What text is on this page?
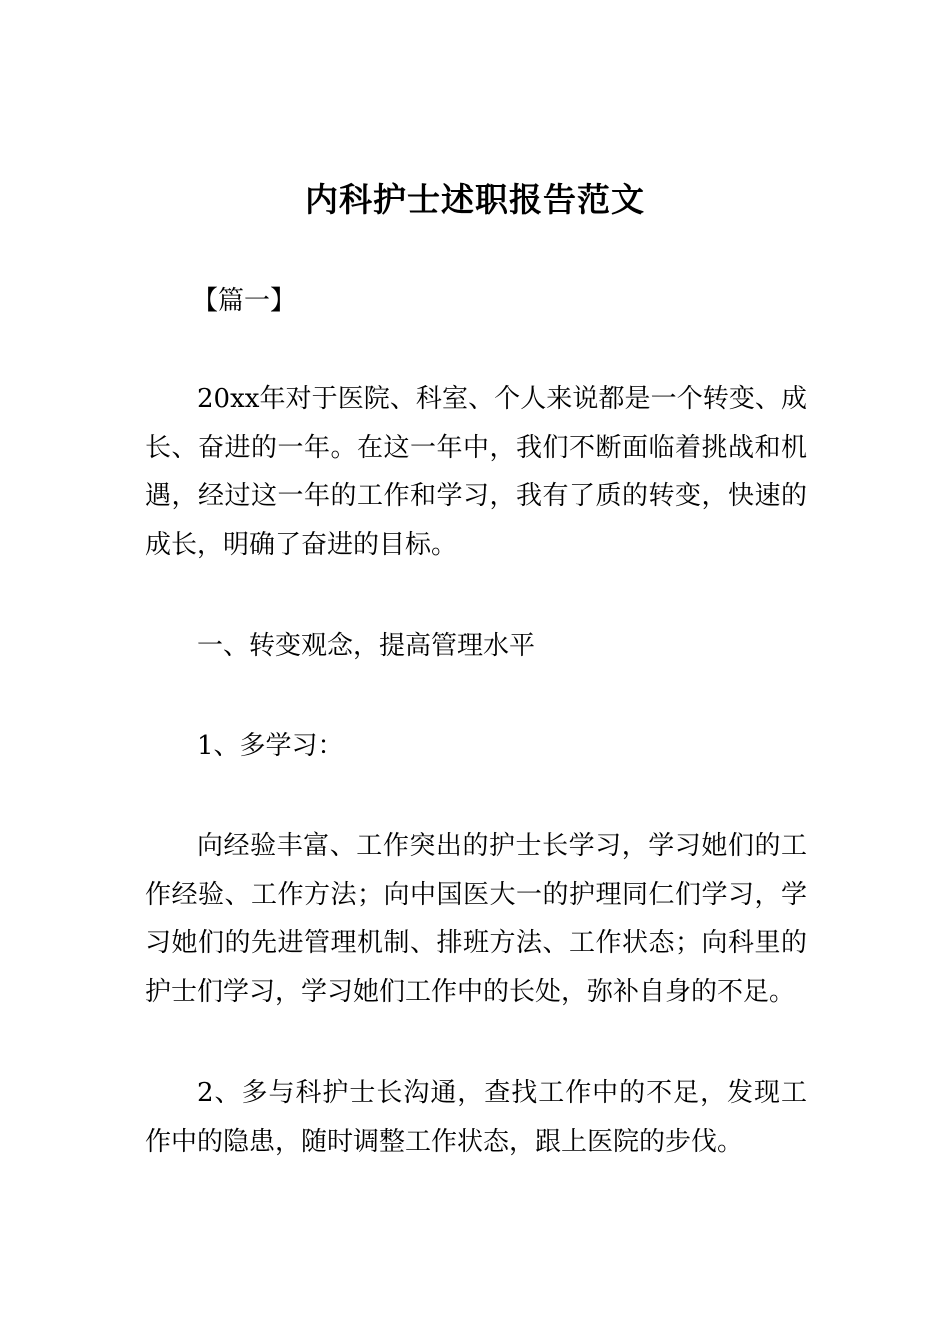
内科护士述职报告范文
【篇一】

20xx年对于医院、科室、个人来说都是一个转变、成长、奋进的一年。在这一年中，我们不断面临着挑战和机遇，经过这一年的工作和学习，我有了质的转变，快速的成长，明确了奋进的目标。

一、转变观念，提高管理水平

1、多学习：

向经验丰富、工作突出的护士长学习，学习她们的工作经验、工作方法；向中国医大一的护理同仁们学习，学习她们的先进管理机制、排班方法、工作状态；向科里的护士们学习，学习她们工作中的长处，弥补自身的不足。

2、多与科护士长沟通，查找工作中的不足，发现工作中的隐患，随时调整工作状态，跟上医院的步伐。
